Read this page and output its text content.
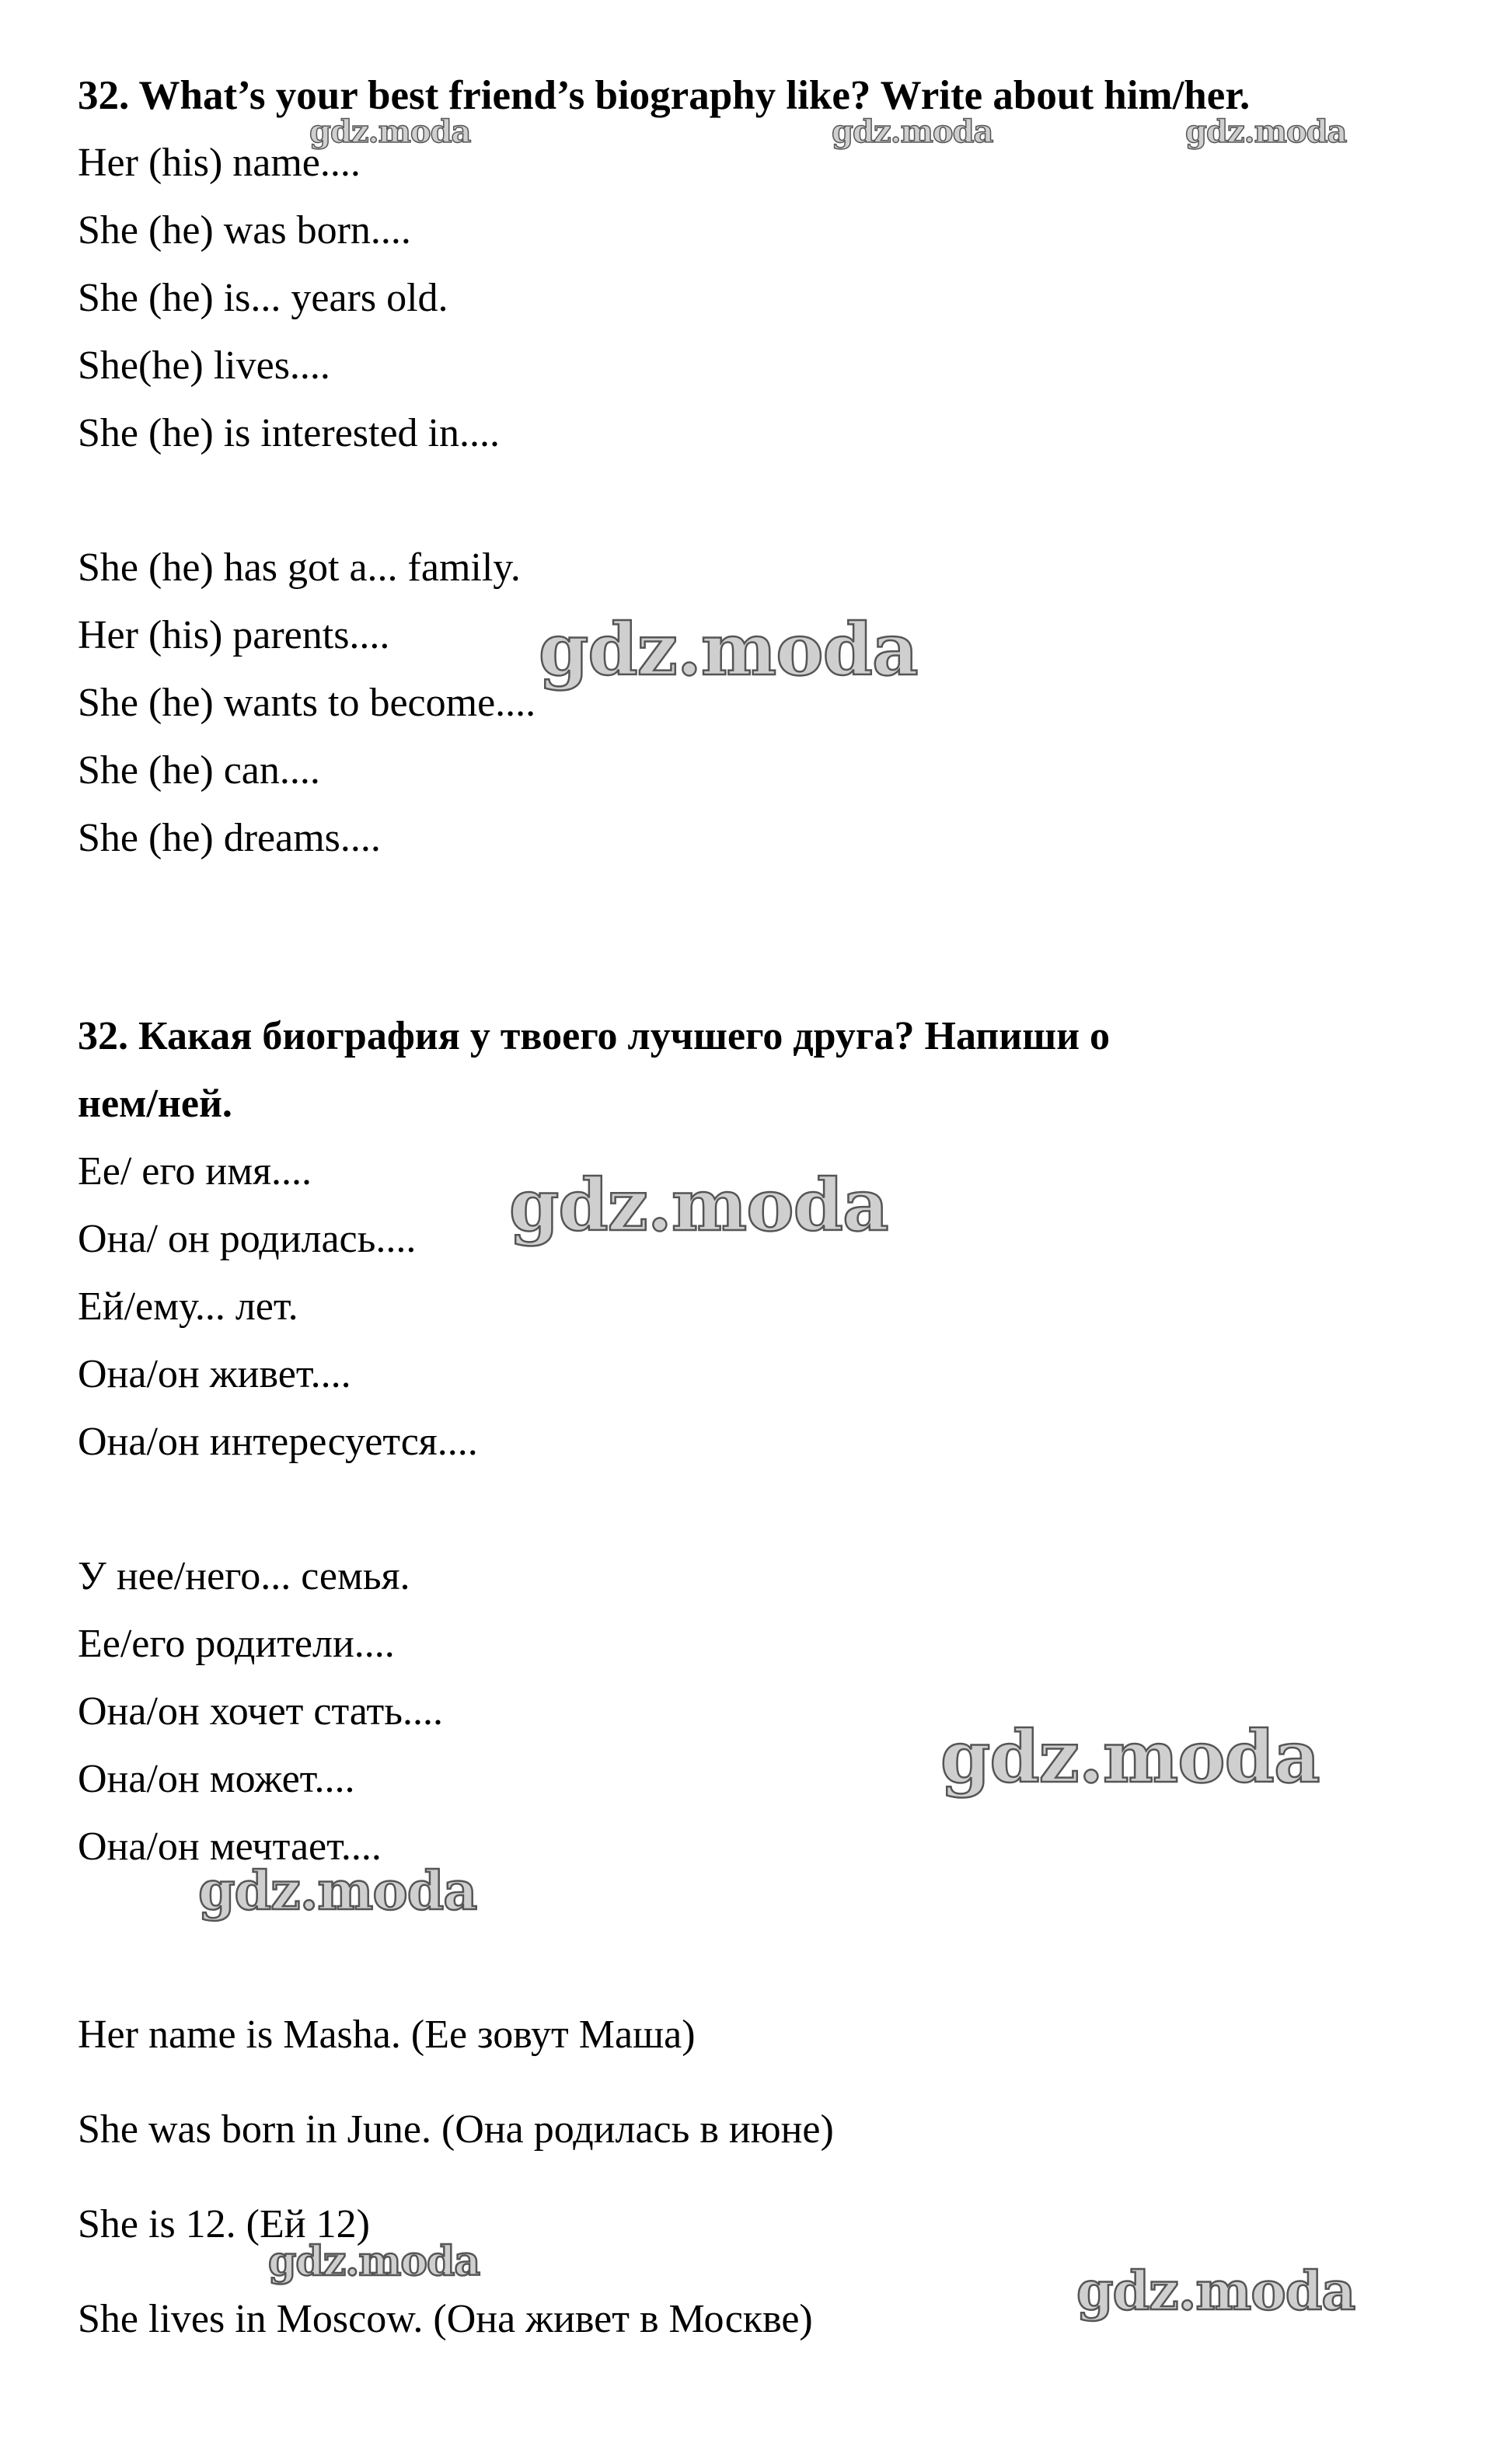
32. What’s your best friend’s biography like? Write about him/her.
Her (his) name....
She (he) was born....
She (he) is... years old.
She(he) lives....
She (he) is interested in....
She (he) has got a... family.
Her (his) parents....
She (he) wants to become....
She (he) can....
She (he) dreams....
32. Какая биография у твоего лучшего друга? Напиши о
нем/ней.
Ее/ его имя....
Она/ он родилась....
Ей/ему... лет.
Она/он живет....
Она/он интересуется....
У нее/него... семья.
Ее/его родители....
Она/он хочет стать....
Она/он может....
Она/он мечтает....
Her name is Masha. (Ее зовут Маша)
She was born in June. (Она родилась в июне)
She is 12. (Ей 12)
She lives in Moscow. (Она живет в Москве)
gdz.moda	gdz.moda	gdz.moda
gdz.moda
gdz.moda
gdz.moda
gdz.moda
gdz.moda	gdz.moda
